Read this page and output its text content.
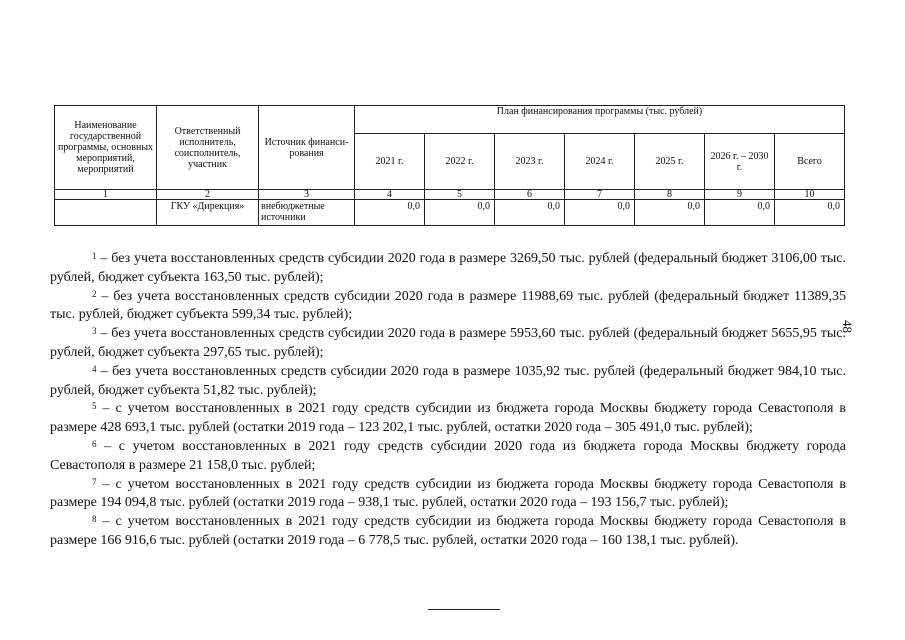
Наименование государственной программы, основных мероприятий, мероприятий	Ответственный исполнитель, соисполнитель, участник	Источник финанси-рования	План финансирования программы (тыс. рублей)						
			2021 г.	2022 г.	2023 г.	2024 г.	2025 г.	2026 г. – 2030 г.	Всего
1	2	3	4	5	6	7	8	9	10
	ГКУ «Дирекция»	внебюджетные источники	0,0	0,0	0,0	0,0	0,0	0,0	0,0

$^1$ – без учета восстановленных средств субсидии 2020 года в размере 3269,50 тыс. рублей (федеральный бюджет 3106,00 тыс. рублей, бюджет субъекта 163,50 тыс. рублей);

$^2$ – без учета восстановленных средств субсидии 2020 года в размере 11988,69 тыс. рублей (федеральный бюджет 11389,35 тыс. рублей, бюджет субъекта 599,34 тыс. рублей);

$^3$ – без учета восстановленных средств субсидии 2020 года в размере 5953,60 тыс. рублей (федеральный бюджет 5655,95 тыс. рублей, бюджет субъекта 297,65 тыс. рублей);

$^4$ – без учета восстановленных средств субсидии 2020 года в размере 1035,92 тыс. рублей (федеральный бюджет 984,10 тыс. рублей, бюджет субъекта 51,82 тыс. рублей);

$^5$ – с учетом восстановленных в 2021 году средств субсидии из бюджета города Москвы бюджету города Севастополя в размере 428 693,1 тыс. рублей (остатки 2019 года – 123 202,1 тыс. рублей, остатки 2020 года – 305 491,0 тыс. рублей);

$^6$ – с учетом восстановленных в 2021 году средств субсидии 2020 года из бюджета города Москвы бюджету города Севастополя в размере 21 158,0 тыс. рублей;

$^7$ – с учетом восстановленных в 2021 году средств субсидии из бюджета города Москвы бюджету города Севастополя в размере 194 094,8 тыс. рублей (остатки 2019 года – 938,1 тыс. рублей, остатки 2020 года – 193 156,7 тыс. рублей);

$^8$ – с учетом восстановленных в 2021 году средств субсидии из бюджета города Москвы бюджету города Севастополя в размере 166 916,6 тыс. рублей (остатки 2019 года – 6 778,5 тыс. рублей, остатки 2020 года – 160 138,1 тыс. рублей).

48
